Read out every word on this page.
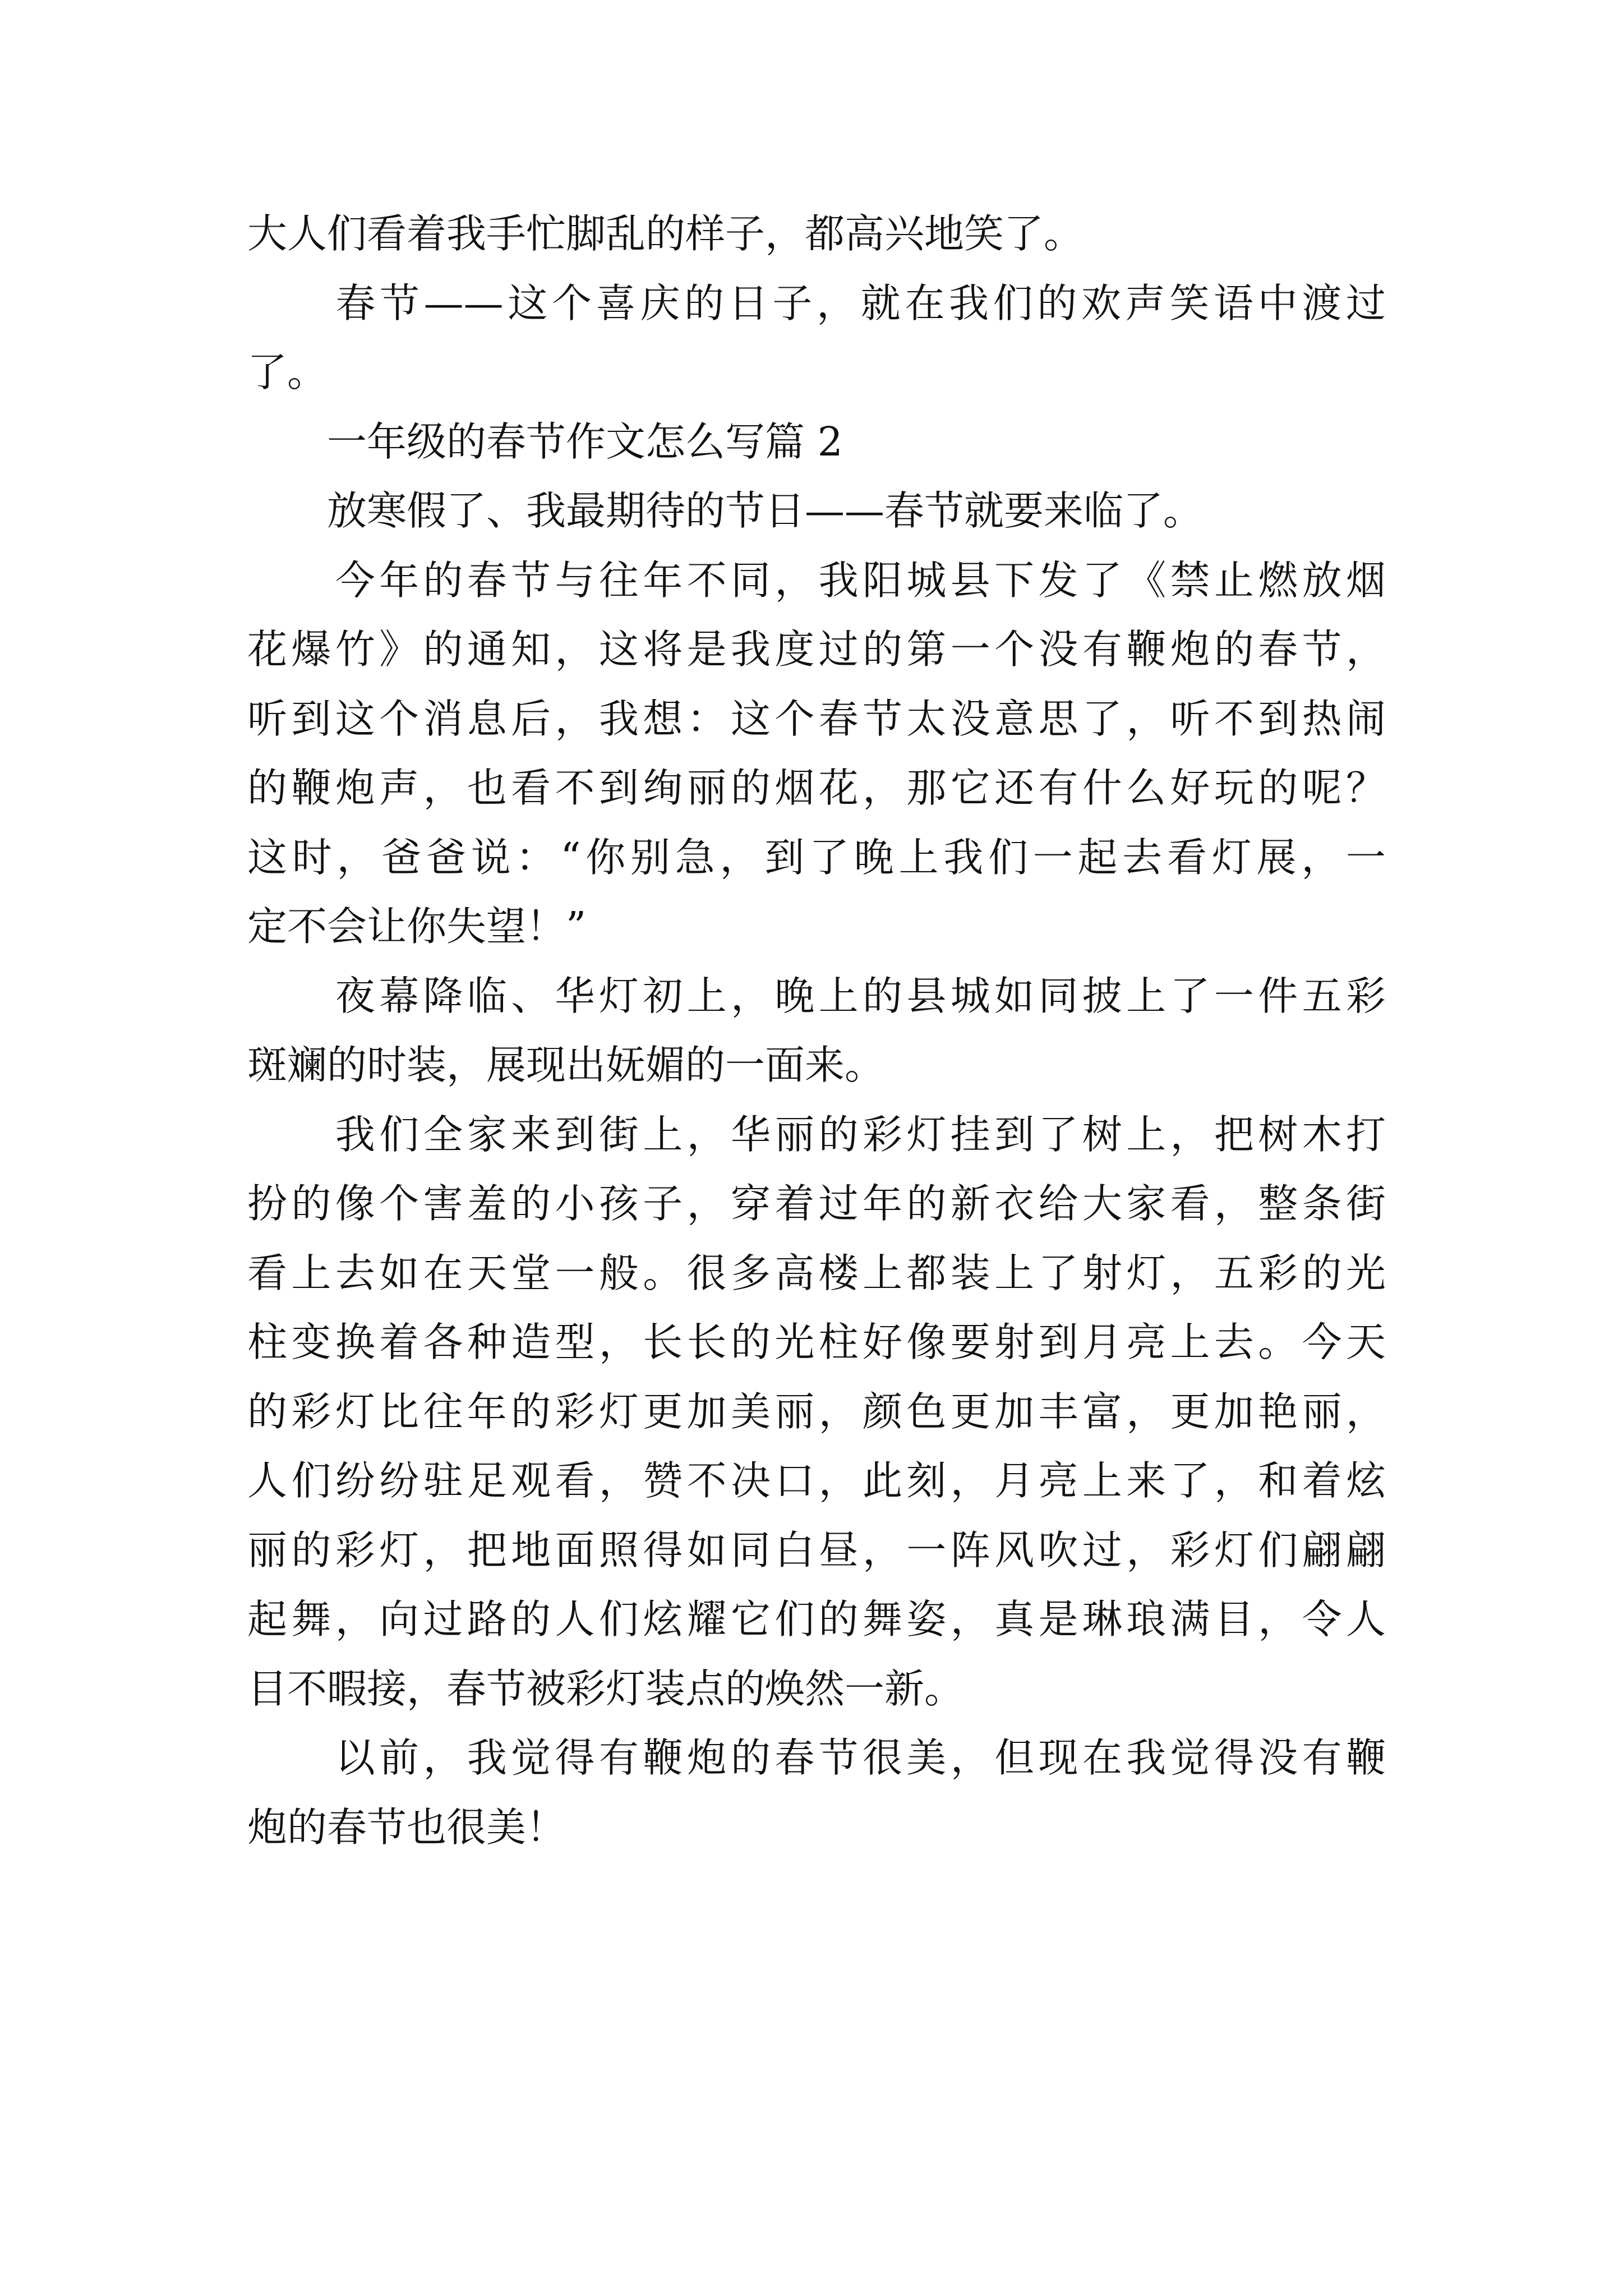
大人们看着我手忙脚乱的样子，都高兴地笑了。
　　春节——这个喜庆的日子，就在我们的欢声笑语中渡过
了。
　　一年级的春节作文怎么写篇 2
　　放寒假了、我最期待的节日——春节就要来临了。
　　今年的春节与往年不同，我阳城县下发了《禁止燃放烟
花爆竹》的通知，这将是我度过的第一个没有鞭炮的春节，
听到这个消息后，我想：这个春节太没意思了，听不到热闹
的鞭炮声，也看不到绚丽的烟花，那它还有什么好玩的呢？
这时，爸爸说：“你别急，到了晚上我们一起去看灯展，一
定不会让你失望！”
　　夜幕降临、华灯初上，晚上的县城如同披上了一件五彩
斑斓的时装，展现出妩媚的一面来。
　　我们全家来到街上，华丽的彩灯挂到了树上，把树木打
扮的像个害羞的小孩子，穿着过年的新衣给大家看，整条街
看上去如在天堂一般。很多高楼上都装上了射灯，五彩的光
柱变换着各种造型，长长的光柱好像要射到月亮上去。今天
的彩灯比往年的彩灯更加美丽，颜色更加丰富，更加艳丽，
人们纷纷驻足观看，赞不决口，此刻，月亮上来了，和着炫
丽的彩灯，把地面照得如同白昼，一阵风吹过，彩灯们翩翩
起舞，向过路的人们炫耀它们的舞姿，真是琳琅满目，令人
目不暇接，春节被彩灯装点的焕然一新。
　　以前，我觉得有鞭炮的春节很美，但现在我觉得没有鞭
炮的春节也很美！
